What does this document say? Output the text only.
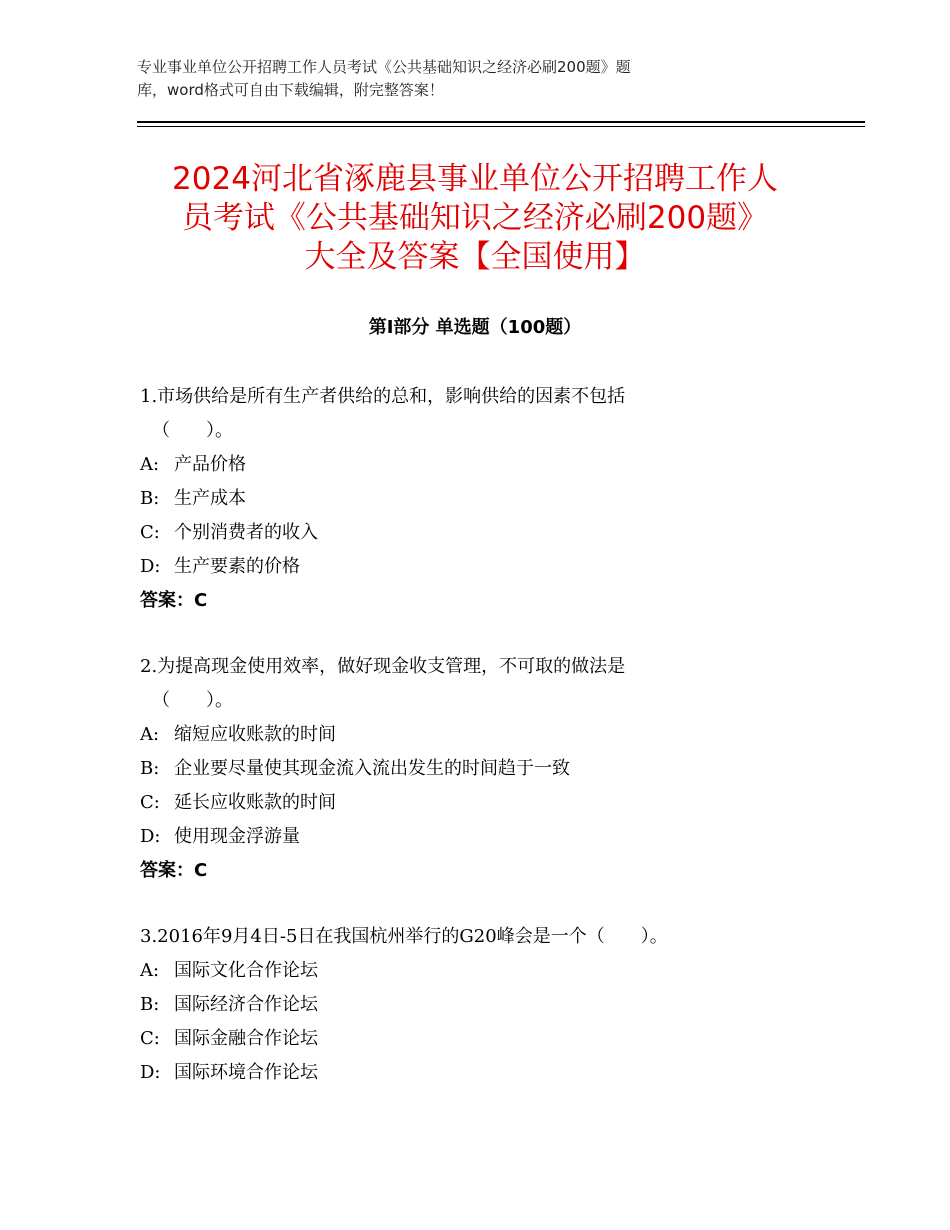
专业事业单位公开招聘工作人员考试《公共基础知识之经济必刷200题》题
库，word格式可自由下载编辑，附完整答案！
2024河北省涿鹿县事业单位公开招聘工作人
员考试《公共基础知识之经济必刷200题》
大全及答案【全国使用】
第Ⅰ部分 单选题（100题）
1.市场供给是所有生产者供给的总和，影响供给的因素不包括
（　　）。
A: 产品价格
B: 生产成本
C: 个别消费者的收入
D: 生产要素的价格
答案：C
2.为提高现金使用效率，做好现金收支管理，不可取的做法是
（　　）。
A: 缩短应收账款的时间
B: 企业要尽量使其现金流入流出发生的时间趋于一致
C: 延长应收账款的时间
D: 使用现金浮游量
答案：C
3.2016年9月4日-5日在我国杭州举行的G20峰会是一个（　　）。
A: 国际文化合作论坛
B: 国际经济合作论坛
C: 国际金融合作论坛
D: 国际环境合作论坛
